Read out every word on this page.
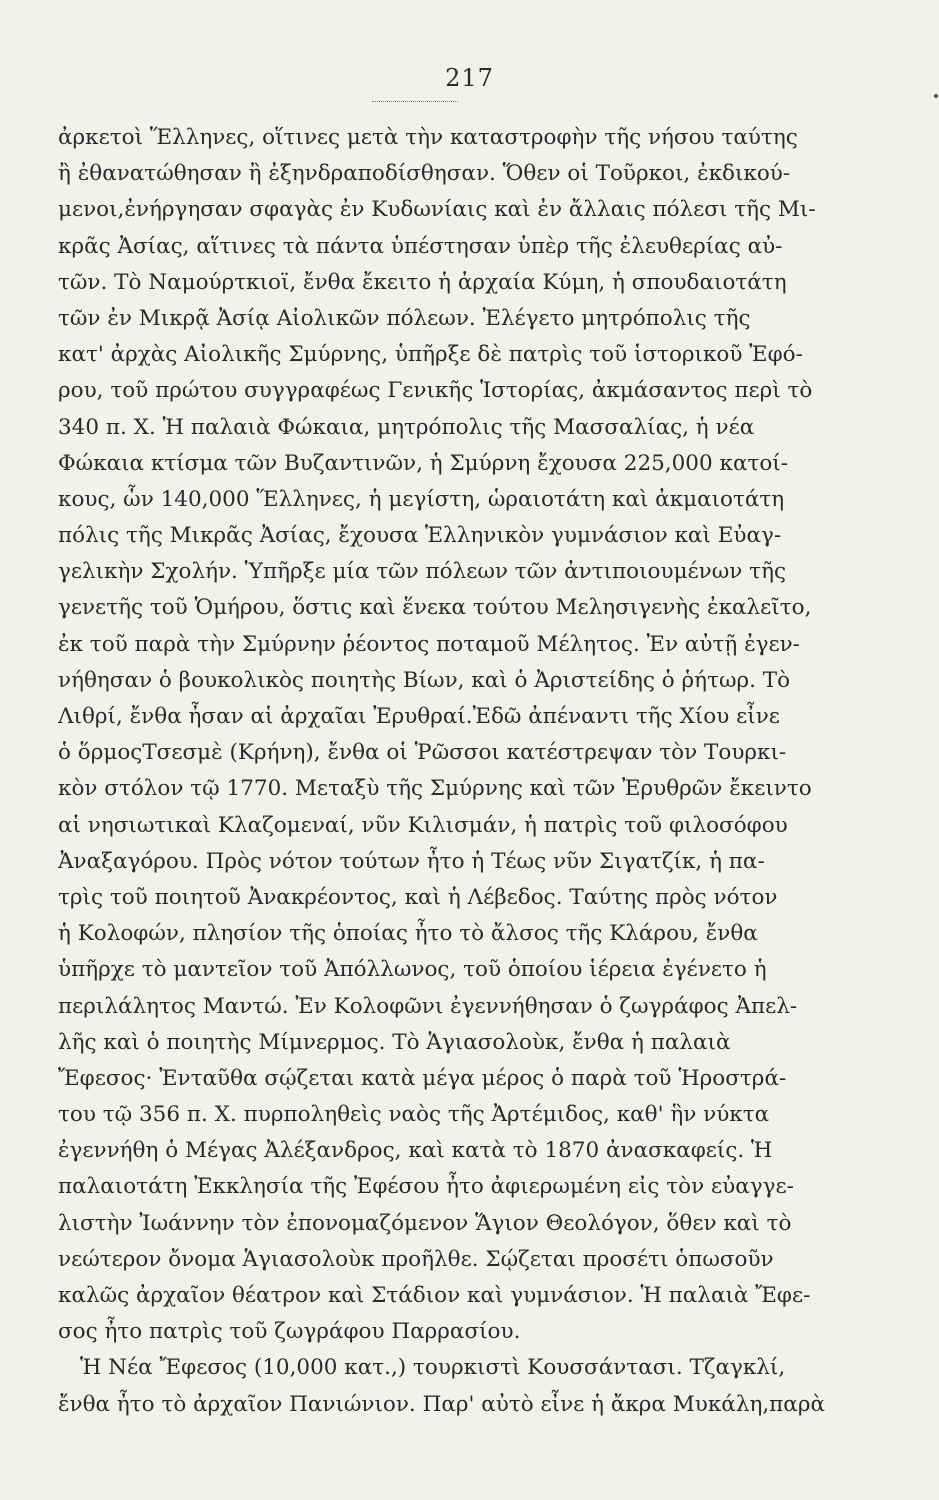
217
ἀρκετοὶ Ἕλληνες, οἵτινες μετὰ τὴν καταστροφὴν τῆς νήσου ταύτης
ἢ ἐθανατώθησαν ἢ ἐξηνδραποδίσθησαν. Ὅθεν οἱ Τοῦρκοι, ἐκδικού-
μενοι,ἐνήργησαν σφαγὰς ἐν Κυδωνίαις καὶ ἐν ἄλλαις πόλεσι τῆς Μι-
κρᾶς Ἀσίας, αἵτινες τὰ πάντα ὑπέστησαν ὑπὲρ τῆς ἐλευθερίας αὐ-
τῶν. Τὸ Ναμούρτκιοϊ, ἔνθα ἔκειτο ἡ ἀρχαία Κύμη, ἡ σπουδαιοτάτη
τῶν ἐν Μικρᾷ Ἀσίᾳ Αἰολικῶν πόλεων. Ἐλέγετο μητρόπολις τῆς
κατ' ἀρχὰς Αἰολικῆς Σμύρνης, ὑπῆρξε δὲ πατρὶς τοῦ ἱστορικοῦ Ἐφό-
ρου, τοῦ πρώτου συγγραφέως Γενικῆς Ἱστορίας, ἀκμάσαντος περὶ τὸ
340 π. Χ. Ἡ παλαιὰ Φώκαια, μητρόπολις τῆς Μασσαλίας, ἡ νέα
Φώκαια κτίσμα τῶν Βυζαντινῶν, ἡ Σμύρνη ἔχουσα 225,000 κατοί-
κους, ὧν 140,000 Ἕλληνες, ἡ μεγίστη, ὡραιοτάτη καὶ ἀκμαιοτάτη
πόλις τῆς Μικρᾶς Ἀσίας, ἔχουσα Ἑλληνικὸν γυμνάσιον καὶ Εὐαγ-
γελικὴν Σχολήν. Ὑπῆρξε μία τῶν πόλεων τῶν ἀντιποιουμένων τῆς
γενετῆς τοῦ Ὁμήρου, ὅστις καὶ ἕνεκα τούτου Μελησιγενὴς ἐκαλεῖτο,
ἐκ τοῦ παρὰ τὴν Σμύρνην ῥέοντος ποταμοῦ Μέλητος. Ἐν αὐτῇ ἐγεν-
νήθησαν ὁ βουκολικὸς ποιητὴς Βίων, καὶ ὁ Ἀριστείδης ὁ ῥήτωρ. Τὸ
Λιθρί, ἔνθα ἦσαν αἱ ἀρχαῖαι Ἐρυθραί.Ἐδῶ ἀπέναντι τῆς Χίου εἶνε
ὁ ὅρμοςΤσεσμὲ (Κρήνη), ἔνθα οἱ Ῥῶσσοι κατέστρεψαν τὸν Τουρκι-
κὸν στόλον τῷ 1770. Μεταξὺ τῆς Σμύρνης καὶ τῶν Ἐρυθρῶν ἔκειντο
αἱ νησιωτικαὶ Κλαζομεναί, νῦν Κιλισμάν, ἡ πατρὶς τοῦ φιλοσόφου
Ἀναξαγόρου. Πρὸς νότον τούτων ἦτο ἡ Τέως νῦν Σιγατζίκ, ἡ πα-
τρὶς τοῦ ποιητοῦ Ἀνακρέοντος, καὶ ἡ Λέβεδος. Ταύτης πρὸς νότον
ἡ Κολοφών, πλησίον τῆς ὁποίας ἦτο τὸ ἄλσος τῆς Κλάρου, ἔνθα
ὑπῆρχε τὸ μαντεῖον τοῦ Ἀπόλλωνος, τοῦ ὁποίου ἱέρεια ἐγένετο ἡ
περιλάλητος Μαντώ. Ἐν Κολοφῶνι ἐγεννήθησαν ὁ ζωγράφος Ἀπελ-
λῆς καὶ ὁ ποιητὴς Μίμνερμος. Τὸ Ἁγιασολοὺκ, ἔνθα ἡ παλαιὰ
Ἔφεσος· Ἐνταῦθα σῴζεται κατὰ μέγα μέρος ὁ παρὰ τοῦ Ἡροστρά-
του τῷ 356 π. Χ. πυρποληθεὶς ναὸς τῆς Ἀρτέμιδος, καθ' ἣν νύκτα
ἐγεννήθη ὁ Μέγας Ἀλέξανδρος, καὶ κατὰ τὸ 1870 ἀνασκαφείς. Ἡ
παλαιοτάτη Ἐκκλησία τῆς Ἐφέσου ἦτο ἀφιερωμένη εἰς τὸν εὐαγγε-
λιστὴν Ἰωάννην τὸν ἐπονομαζόμενον Ἅγιον Θεολόγον, ὅθεν καὶ τὸ
νεώτερον ὄνομα Ἁγιασολοὺκ προῆλθε. Σῴζεται προσέτι ὁπωσοῦν
καλῶς ἀρχαῖον θέατρον καὶ Στάδιον καὶ γυμνάσιον. Ἡ παλαιὰ Ἔφε-
σος ἦτο πατρὶς τοῦ ζωγράφου Παρρασίου.
Ἡ Νέα Ἔφεσος (10,000 κατ.,) τουρκιστὶ Κουσσάντασι. Τζαγκλί,
ἔνθα ἦτο τὸ ἀρχαῖον Πανιώνιον. Παρ' αὐτὸ εἶνε ἡ ἄκρα Μυκάλη,παρὰ
